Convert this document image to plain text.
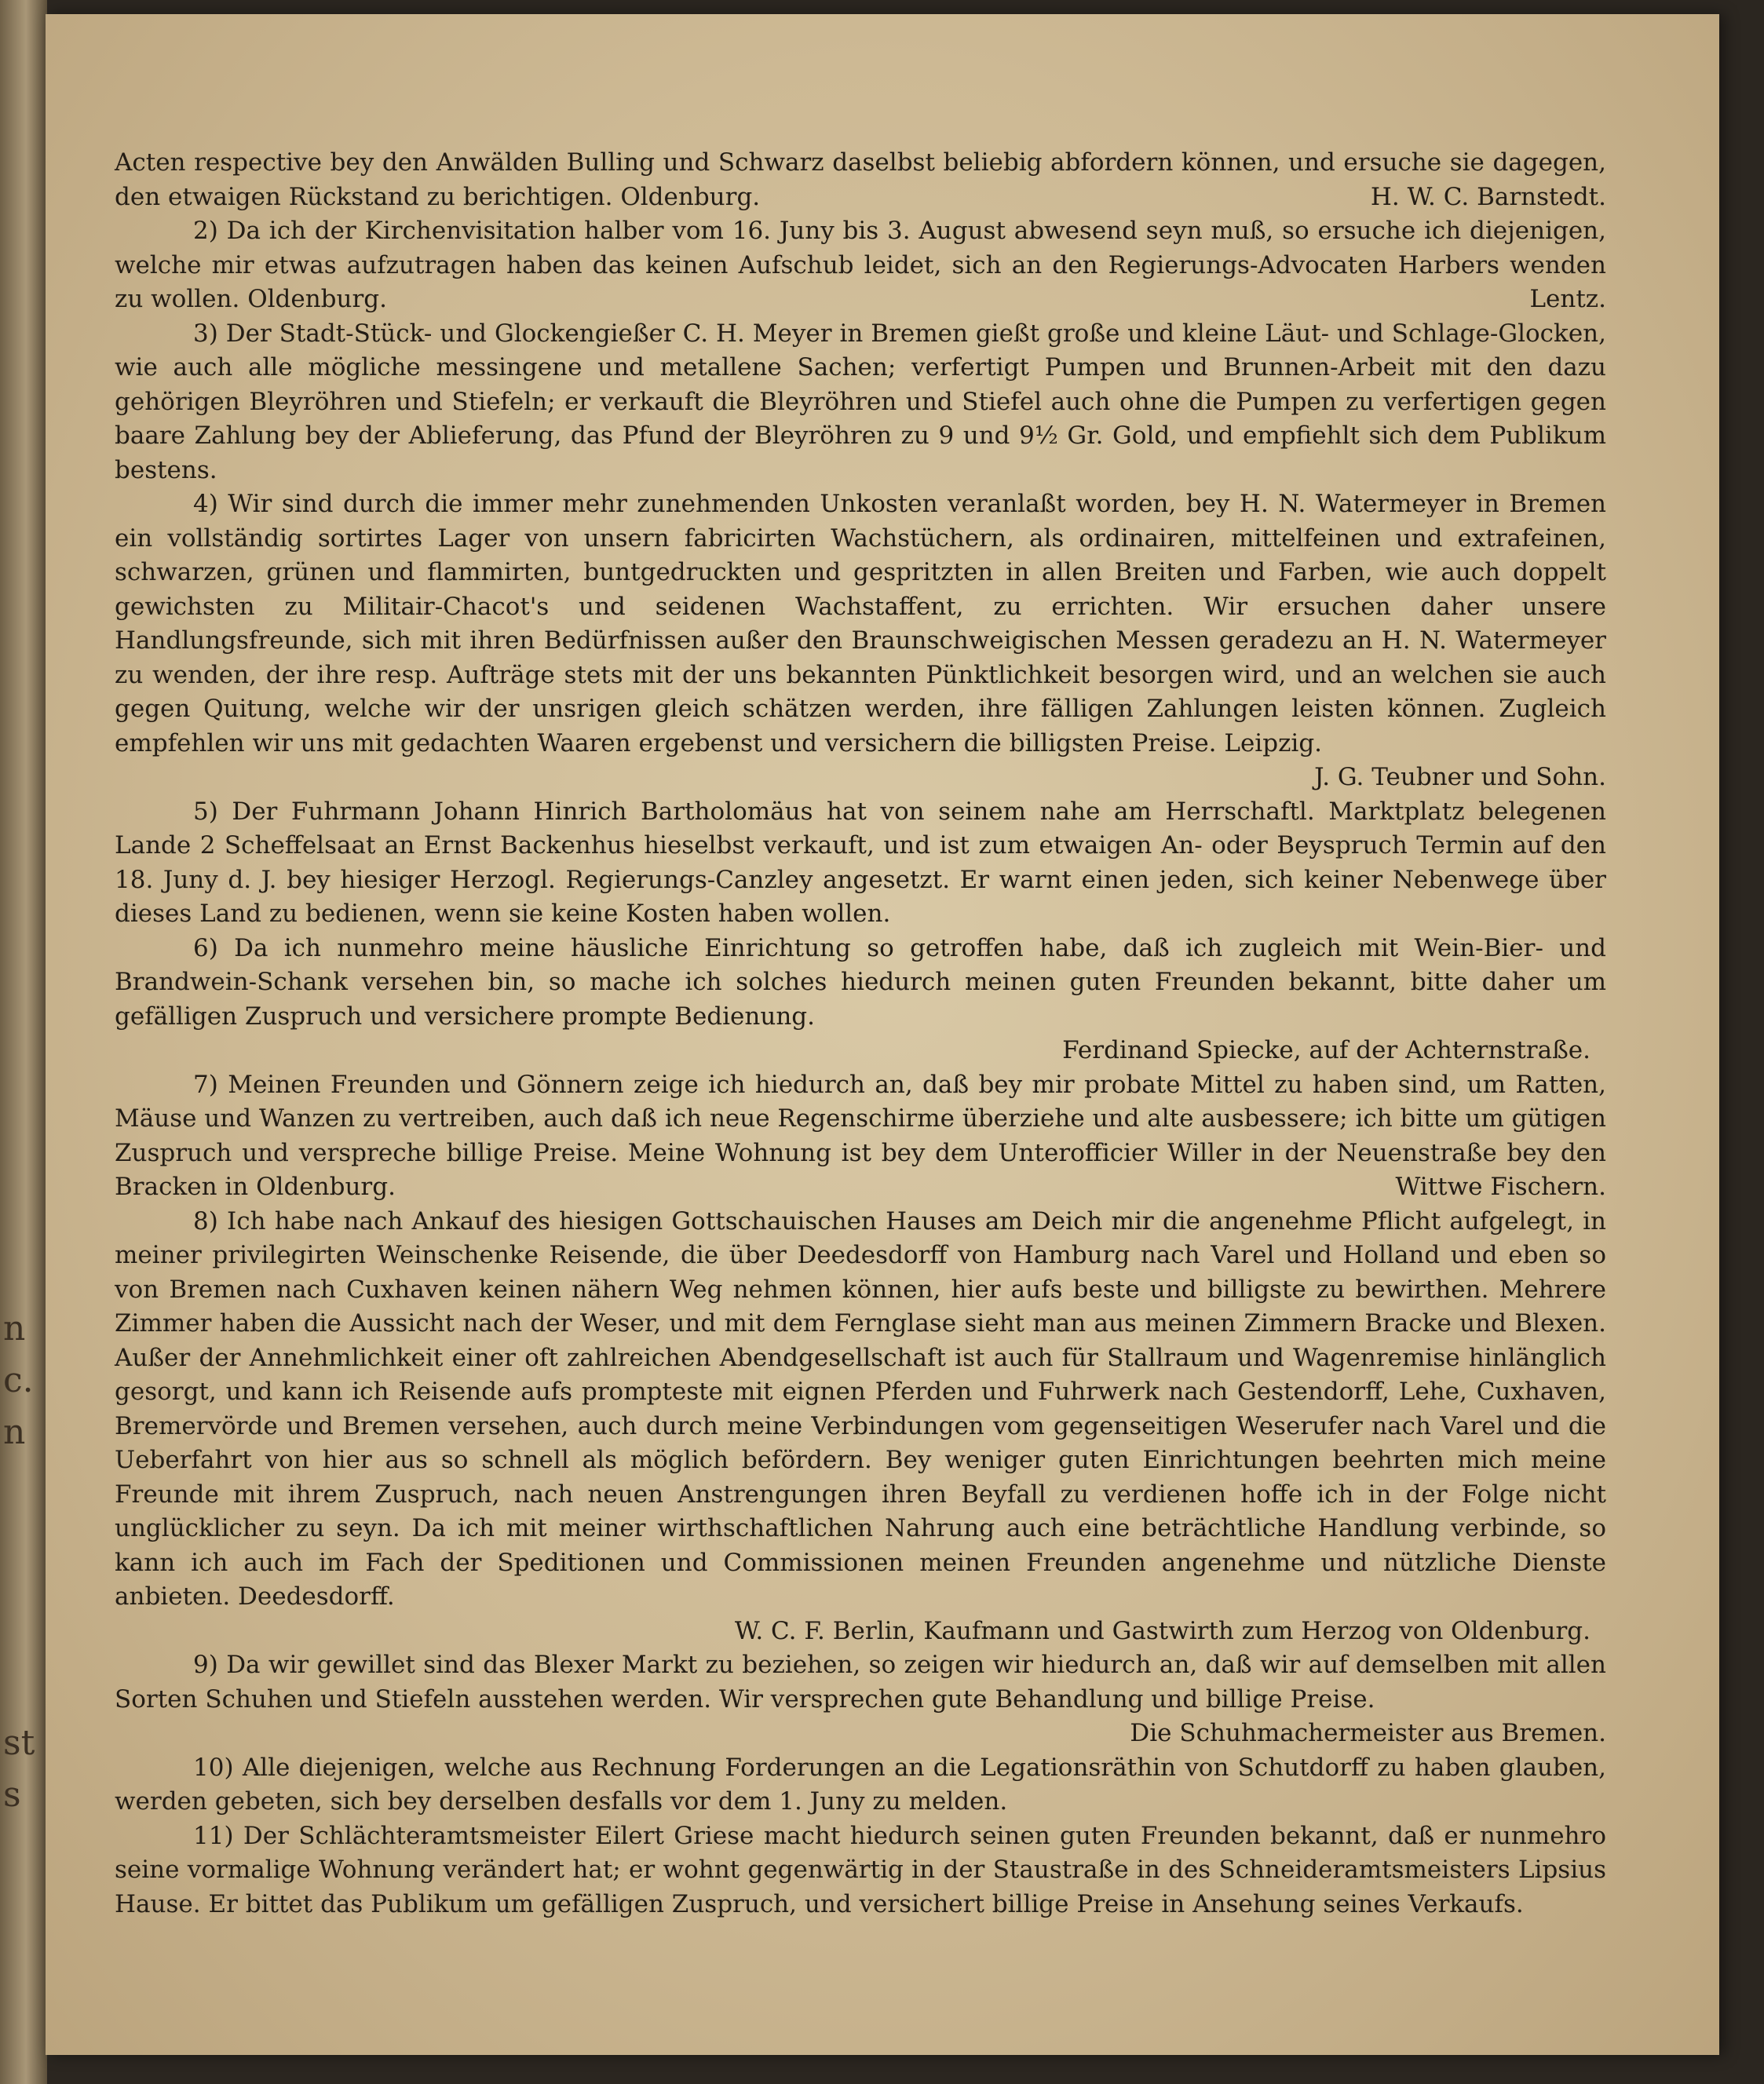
n
c.
n
st
s

Acten respective bey den Anwälden Bulling und Schwarz daselbst beliebig abfordern können, und ersuche sie dagegen, den etwaigen Rückstand zu berichtigen. Oldenburg.	H. W. C. Barnstedt.

2) Da ich der Kirchenvisitation halber vom 16. Juny bis 3. August abwesend seyn muß, so ersuche ich diejenigen, welche mir etwas aufzutragen haben das keinen Aufschub leidet, sich an den Regierungs-Advocaten Harbers wenden zu wollen. Oldenburg.	Lentz.

3) Der Stadt-Stück- und Glockengießer C. H. Meyer in Bremen gießt große und kleine Läut- und Schlage-Glocken, wie auch alle mögliche messingene und metallene Sachen; verfertigt Pumpen und Brunnen-Arbeit mit den dazu gehörigen Bleyröhren und Stiefeln; er verkauft die Bleyröhren und Stiefel auch ohne die Pumpen zu verfertigen gegen baare Zahlung bey der Ablieferung, das Pfund der Bleyröhren zu 9 und 9½ Gr. Gold, und empfiehlt sich dem Publikum bestens.

4) Wir sind durch die immer mehr zunehmenden Unkosten veranlaßt worden, bey H. N. Watermeyer in Bremen ein vollständig sortirtes Lager von unsern fabricirten Wachstüchern, als ordinairen, mittelfeinen und extrafeinen, schwarzen, grünen und flammirten, buntgedruckten und gespritzten in allen Breiten und Farben, wie auch doppelt gewichsten zu Militair-Chacot's und seidenen Wachstaffent, zu errichten. Wir ersuchen daher unsere Handlungsfreunde, sich mit ihren Bedürfnissen außer den Braunschweigischen Messen geradezu an H. N. Watermeyer zu wenden, der ihre resp. Aufträge stets mit der uns bekannten Pünktlichkeit besorgen wird, und an welchen sie auch gegen Quitung, welche wir der unsrigen gleich schätzen werden, ihre fälligen Zahlungen leisten können. Zugleich empfehlen wir uns mit gedachten Waaren ergebenst und versichern die billigsten Preise. Leipzig.
J. G. Teubner und Sohn.

5) Der Fuhrmann Johann Hinrich Bartholomäus hat von seinem nahe am Herrschaftl. Marktplatz belegenen Lande 2 Scheffelsaat an Ernst Backenhus hieselbst verkauft, und ist zum etwaigen An- oder Beyspruch Termin auf den 18. Juny d. J. bey hiesiger Herzogl. Regierungs-Canzley angesetzt. Er warnt einen jeden, sich keiner Nebenwege über dieses Land zu bedienen, wenn sie keine Kosten haben wollen.

6) Da ich nunmehro meine häusliche Einrichtung so getroffen habe, daß ich zugleich mit Wein-Bier- und Brandwein-Schank versehen bin, so mache ich solches hiedurch meinen guten Freunden bekannt, bitte daher um gefälligen Zuspruch und versichere prompte Bedienung.

Ferdinand Spiecke, auf der Achternstraße.

7) Meinen Freunden und Gönnern zeige ich hiedurch an, daß bey mir probate Mittel zu haben sind, um Ratten, Mäuse und Wanzen zu vertreiben, auch daß ich neue Regenschirme überziehe und alte ausbessere; ich bitte um gütigen Zuspruch und verspreche billige Preise. Meine Wohnung ist bey dem Unterofficier Willer in der Neuenstraße bey den Bracken in Oldenburg.	Wittwe Fischern.

8) Ich habe nach Ankauf des hiesigen Gottschauischen Hauses am Deich mir die angenehme Pflicht aufgelegt, in meiner privilegirten Weinschenke Reisende, die über Deedesdorff von Hamburg nach Varel und Holland und eben so von Bremen nach Cuxhaven keinen nähern Weg nehmen können, hier aufs beste und billigste zu bewirthen. Mehrere Zimmer haben die Aussicht nach der Weser, und mit dem Fernglase sieht man aus meinen Zimmern Bracke und Blexen. Außer der Annehmlichkeit einer oft zahlreichen Abendgesellschaft ist auch für Stallraum und Wagenremise hinlänglich gesorgt, und kann ich Reisende aufs prompteste mit eignen Pferden und Fuhrwerk nach Gestendorff, Lehe, Cuxhaven, Bremervörde und Bremen versehen, auch durch meine Verbindungen vom gegenseitigen Weserufer nach Varel und die Ueberfahrt von hier aus so schnell als möglich befördern. Bey weniger guten Einrichtungen beehrten mich meine Freunde mit ihrem Zuspruch, nach neuen Anstrengungen ihren Beyfall zu verdienen hoffe ich in der Folge nicht unglücklicher zu seyn. Da ich mit meiner wirthschaftlichen Nahrung auch eine beträchtliche Handlung verbinde, so kann ich auch im Fach der Speditionen und Commissionen meinen Freunden angenehme und nützliche Dienste anbieten. Deedesdorff.

W. C. F. Berlin, Kaufmann und Gastwirth zum Herzog von Oldenburg.

9) Da wir gewillet sind das Blexer Markt zu beziehen, so zeigen wir hiedurch an, daß wir auf demselben mit allen Sorten Schuhen und Stiefeln ausstehen werden. Wir versprechen gute Behandlung und billige Preise.
Die Schuhmachermeister aus Bremen.

10) Alle diejenigen, welche aus Rechnung Forderungen an die Legationsräthin von Schutdorff zu haben glauben, werden gebeten, sich bey derselben desfalls vor dem 1. Juny zu melden.

11) Der Schlächteramtsmeister Eilert Griese macht hiedurch seinen guten Freunden bekannt, daß er nunmehro seine vormalige Wohnung verändert hat; er wohnt gegenwärtig in der Staustraße in des Schneideramtsmeisters Lipsius Hause. Er bittet das Publikum um gefälligen Zuspruch, und versichert billige Preise in Ansehung seines Verkaufs.
